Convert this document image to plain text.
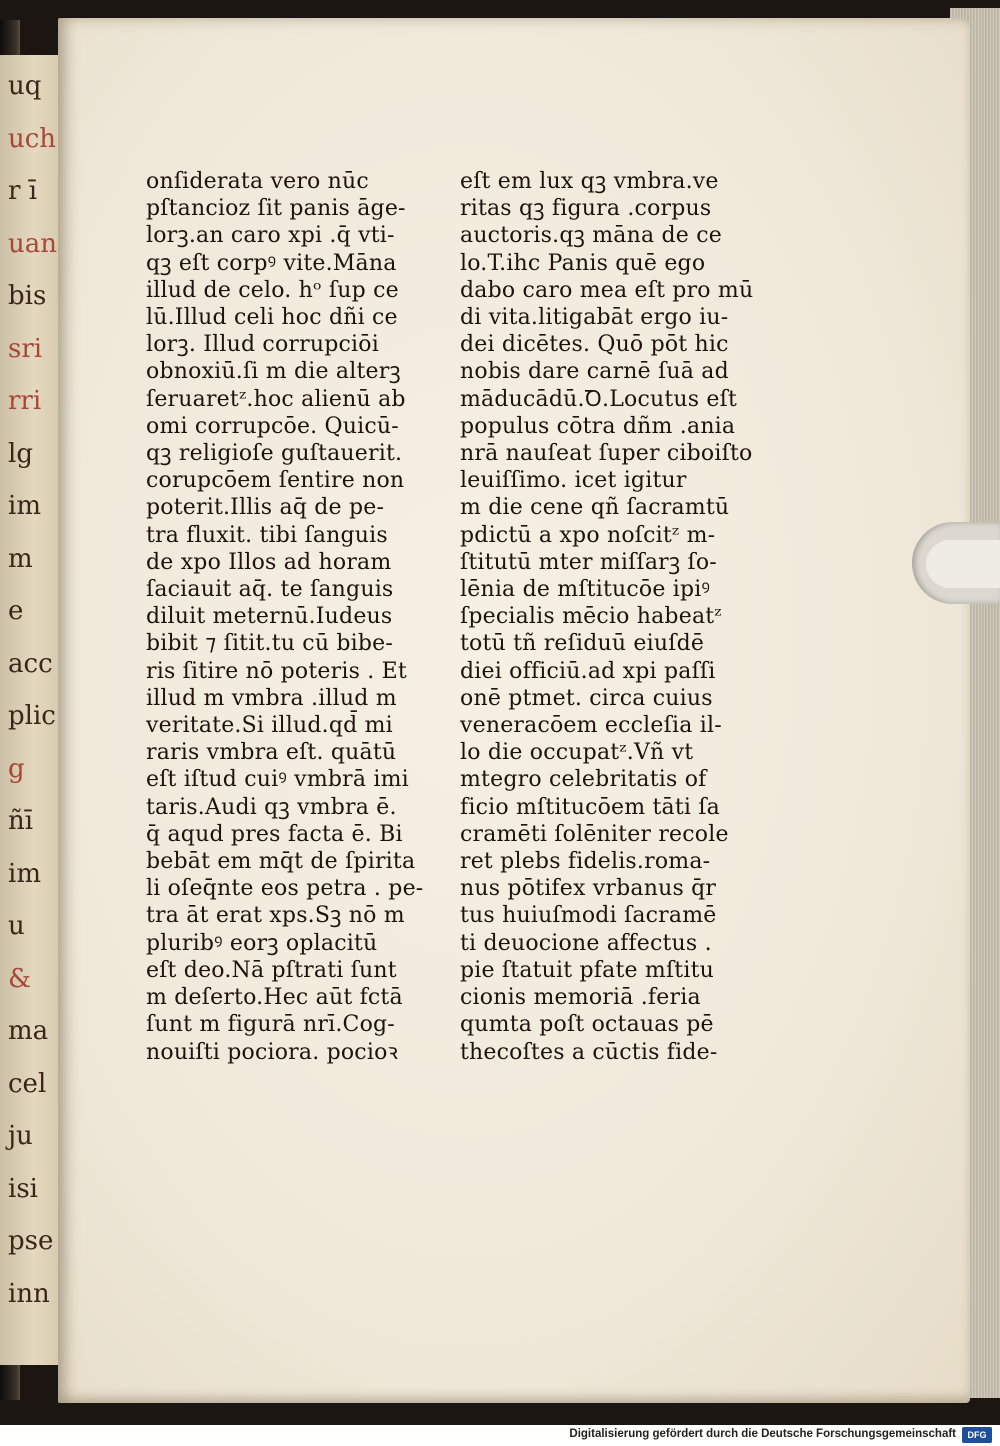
uq
uch
r ī
uan
bis
sri
rri
lg
im
m
e
acc
plic
g
ñī
im
u
&
ma
cel
ju
isi
pse
inn
onſiderata vero nūc
pſtancioz ſit panis āge-
lorꝫ.an caro xpi .q̄ vti-
qꝫ eſt corpꝰ vite.Māna
illud de celo. hᵒ ſup ce
lū.Illud celi hoc dñi ce
lorꝫ. Illud corrupciōi
obnoxiū.ſi m die alterꝫ
ſeruaretᶻ.hoc alienū ab
omi corrupcōe. Quicū-
qꝫ religioſe guſtauerit.
corupcōem ſentire non
poterit.Illis aq̄ de pe-
tra fluxit. tibi ſanguis
de xpo Illos ad horam
ſaciauit aq̄. te ſanguis
diluit meternū.Iudeus
bibit ⁊ ſitit.tu cū bibe-
ris ſitire nō poteris . Et
illud m vmbra .illud m
veritate.Si illud.qd̄ mi
raris vmbra eſt. quātū
eſt iſtud cuiꝰ vmbrā imi
taris.Audi qꝫ vmbra ē.
q̄ aqud pres facta ē. Bi
bebāt em mq̄t de ſpirita
li oſeq̄nte eos petra . pe-
tra āt erat xps.Sꝫ nō m
pluribꝰ eorꝫ oplacitū
eſt deo.Nā pſtrati ſunt
m deſerto.Hec aūt fctā
ſunt m figurā nrī.Cog-
nouiſti pociora. pocioꝛ
eſt em lux qꝫ vmbra.ve
ritas qꝫ figura .corpus
auctoris.qꝫ māna de ce
lo.T.ihc Panis quē ego
dabo caro mea eſt pro mū
di vita.litigabāt ergo iu-
dei dicētes. Quō pōt hic
nobis dare carnē ſuā ad
māducādū.Ꝺ.Locutus eſt
populus cōtra dñm .ania
nrā nauſeat ſuper ciboiſto
leuiſſimo. icet igitur
m die cene qñ ſacramtū
pdictū a xpo noſcitᶻ m-
ſtitutū mter miſſarꝫ ſo-
lēnia de mſtitucōe ipiꝰ
ſpecialis mēcio habeatᶻ
totū tñ reſiduū eiuſdē
diei officiū.ad xpi paſſi
onē ptmet. circa cuius
veneracōem eccleſia il-
lo die occupatᶻ.Vñ vt
mtegro celebritatis of
ficio mſtitucōem tāti ſa
cramēti ſolēniter recole
ret plebs fidelis.roma-
nus pōtifex vrbanus q̄r
tus huiuſmodi ſacramē
ti deuocione affectus .
pie ſtatuit pfate mſtitu
cionis memoriā .feria
qumta poſt octauas pē
thecoſtes a cūctis fide-
Digitalisierung gefördert durch die Deutsche Forschungsgemeinschaft	DFG
